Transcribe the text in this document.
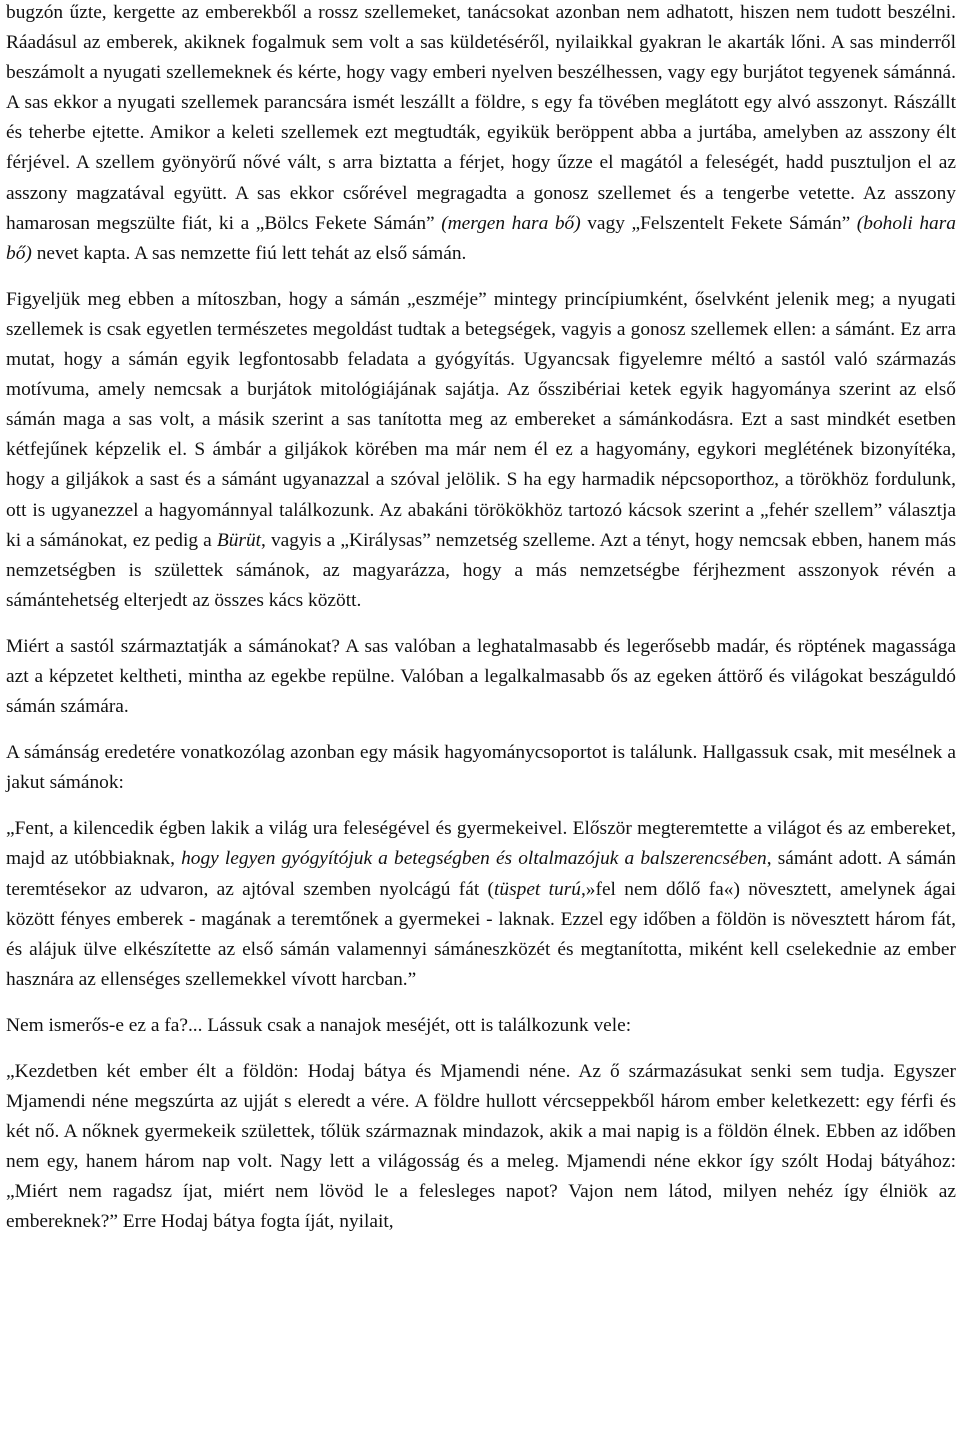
bugzón űzte, kergette az emberekből a rossz szellemeket, tanácsokat azonban nem adhatott, hiszen nem tudott beszélni. Ráadásul az emberek, akiknek fogalmuk sem volt a sas küldetéséről, nyilaikkal gyakran le akarták lőni. A sas minderről beszámolt a nyugati szellemeknek és kérte, hogy vagy emberi nyelven beszélhessen, vagy egy burjátot tegyenek sámánná. A sas ekkor a nyugati szellemek parancsára ismét leszállt a földre, s egy fa tövében meglátott egy alvó asszonyt. Rászállt és teherbe ejtette. Amikor a keleti szellemek ezt megtudták, egyikük beröppent abba a jurtába, amelyben az asszony élt férjével. A szellem gyönyörű nővé vált, s arra biztatta a férjet, hogy űzze el magától a feleségét, hadd pusztuljon el az asszony magzatával együtt. A sas ekkor csőrével megragadta a gonosz szellemet és a tengerbe vetette. Az asszony hamarosan megszülte fiát, ki a „Bölcs Fekete Sámán” (mergen hara bő) vagy „Felszentelt Fekete Sámán” (boholi hara bő) nevet kapta. A sas nemzette fiú lett tehát az első sámán.

Figyeljük meg ebben a mítoszban, hogy a sámán „eszméje” mintegy princípiumként, őselvként jelenik meg; a nyugati szellemek is csak egyetlen természetes megoldást tudtak a betegségek, vagyis a gonosz szellemek ellen: a sámánt. Ez arra mutat, hogy a sámán egyik legfontosabb feladata a gyógyítás. Ugyancsak figyelemre méltó a sastól való származás motívuma, amely nemcsak a burjátok mitológiájának sajátja. Az ősszibériai ketek egyik hagyománya szerint az első sámán maga a sas volt, a másik szerint a sas tanította meg az embereket a sámánkodásra. Ezt a sast mindkét esetben kétfejűnek képzelik el. S ámbár a giljákok körében ma már nem él ez a hagyomány, egykori meglétének bizonyítéka, hogy a giljákok a sast és a sámánt ugyanazzal a szóval jelölik. S ha egy harmadik népcsoporthoz, a törökhöz fordulunk, ott is ugyanezzel a hagyománnyal találkozunk. Az abakáni törökökhöz tartozó kácsok szerint a „fehér szellem” választja ki a sámánokat, ez pedig a Bürüt, vagyis a „Királysas” nemzetség szelleme. Azt a tényt, hogy nemcsak ebben, hanem más nemzetségben is születtek sámánok, az magyarázza, hogy a más nemzetségbe férjhezment asszonyok révén a sámántehetség elterjedt az összes kács között.

Miért a sastól származtatják a sámánokat? A sas valóban a leghatalmasabb és legerősebb madár, és röptének magassága azt a képzetet keltheti, mintha az egekbe repülne. Valóban a legalkalmasabb ős az egeken áttörő és világokat beszáguldó sámán számára.

A sámánság eredetére vonatkozólag azonban egy másik hagyománycsoportot is találunk. Hallgassuk csak, mit mesélnek a jakut sámánok:

„Fent, a kilencedik égben lakik a világ ura feleségével és gyermekeivel. Először megteremtette a világot és az embereket, majd az utóbbiaknak, hogy legyen gyógyítójuk a betegségben és oltalmazójuk a balszerencsében, sámánt adott. A sámán teremtésekor az udvaron, az ajtóval szemben nyolcágú fát (tüspet turú,»fel nem dőlő fa«) növesztett, amelynek ágai között fényes emberek - magának a teremtőnek a gyermekei - laknak. Ezzel egy időben a földön is növesztett három fát, és alájuk ülve elkészítette az első sámán valamennyi sámáneszközét és megtanította, miként kell cselekednie az ember hasznára az ellenséges szellemekkel vívott harcban.”

Nem ismerős-e ez a fa?... Lássuk csak a nanajok meséjét, ott is találkozunk vele:

„Kezdetben két ember élt a földön: Hodaj bátya és Mjamendi néne. Az ő származásukat senki sem tudja. Egyszer Mjamendi néne megszúrta az ujját s eleredt a vére. A földre hullott vércseppekből három ember keletkezett: egy férfi és két nő. A nőknek gyermekeik születtek, tőlük származnak mindazok, akik a mai napig is a földön élnek. Ebben az időben nem egy, hanem három nap volt. Nagy lett a világosság és a meleg. Mjamendi néne ekkor így szólt Hodaj bátyához: „Miért nem ragadsz íjat, miért nem lövöd le a felesleges napot? Vajon nem látod, milyen nehéz így élniök az embereknek?” Erre Hodaj bátya fogta íját, nyilait,
